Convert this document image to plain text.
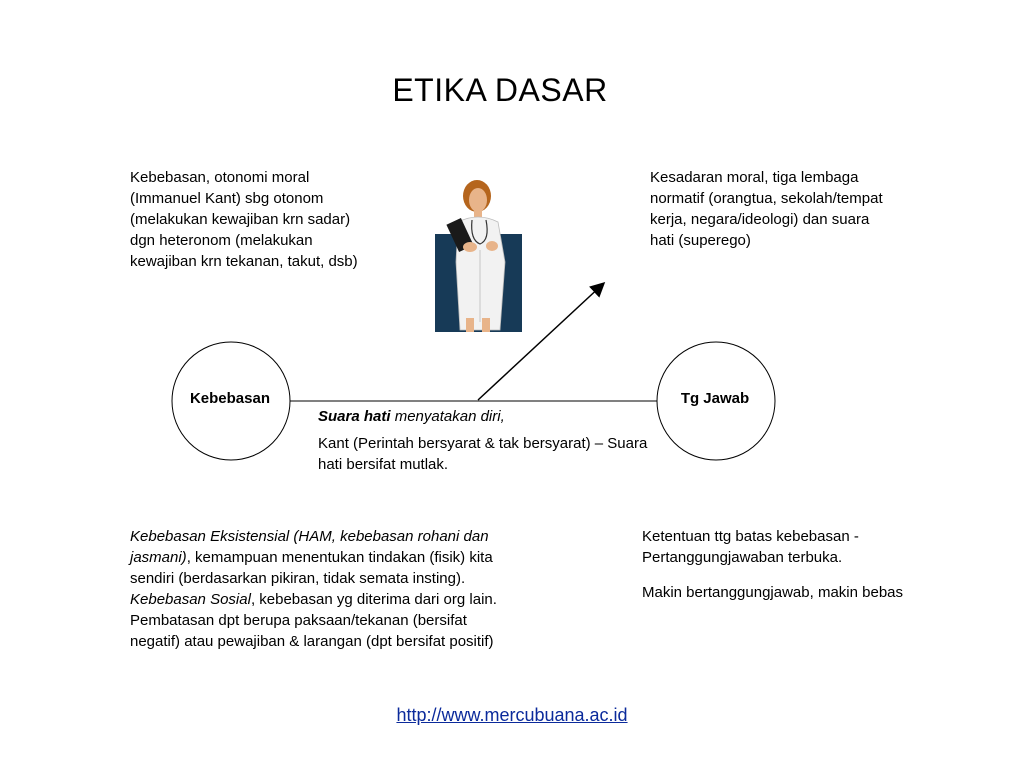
ETIKA DASAR
Kebebasan, otonomi moral (Immanuel Kant) sbg otonom (melakukan kewajiban krn sadar) dgn heteronom (melakukan kewajiban krn tekanan, takut, dsb)
Kesadaran moral, tiga lembaga normatif (orangtua, sekolah/tempat kerja, negara/ideologi) dan suara hati (superego)
Kebebasan	Tg Jawab

Suara hati menyatakan diri,

Kant (Perintah bersyarat & tak bersyarat) – Suara hati bersifat mutlak.

Kebebasan Eksistensial (HAM, kebebasan rohani dan jasmani), kemampuan menentukan tindakan (fisik) kita sendiri (berdasarkan pikiran, tidak semata insting). Kebebasan Sosial, kebebasan yg diterima dari org lain. Pembatasan dpt berupa paksaan/tekanan (bersifat negatif) atau pewajiban & larangan (dpt bersifat positif)

Ketentuan ttg batas kebebasan - Pertanggungjawaban terbuka.

Makin bertanggungjawab, makin bebas

http://www.mercubuana.ac.id
